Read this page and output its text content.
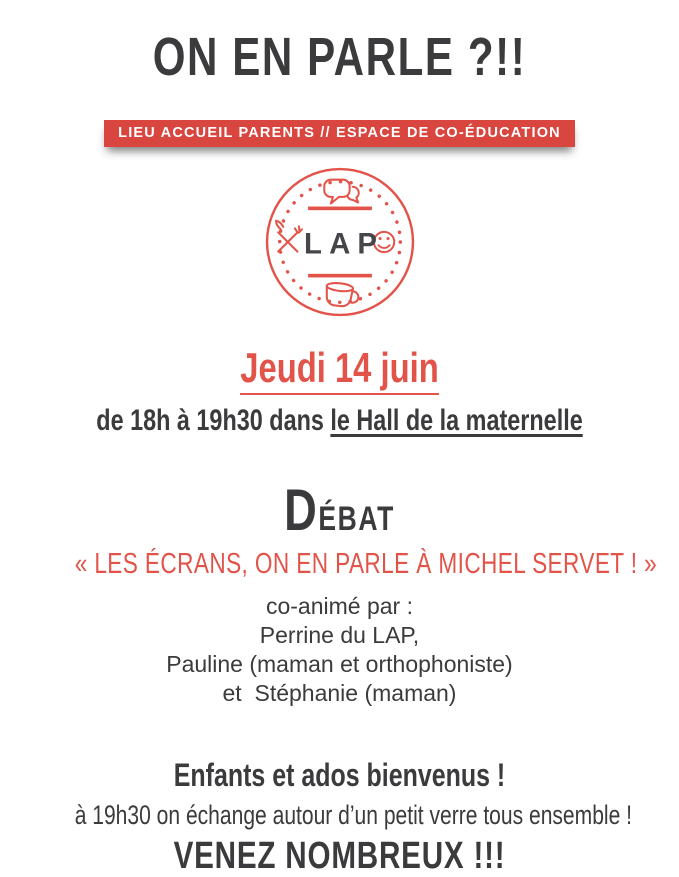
ON EN PARLE ?!!
LIEU ACCUEIL PARENTS // ESPACE DE CO-ÉDUCATION
LAP
Jeudi 14 juin
de 18h à 19h30 dans le Hall de la maternelle
DÉBAT
« LES ÉCRANS, ON EN PARLE À MICHEL SERVET ! »
co-animé par :
Perrine du LAP,
Pauline (maman et orthophoniste)
et  Stéphanie (maman)
Enfants et ados bienvenus !
à 19h30 on échange autour d’un petit verre tous ensemble !
VENEZ NOMBREUX !!!
